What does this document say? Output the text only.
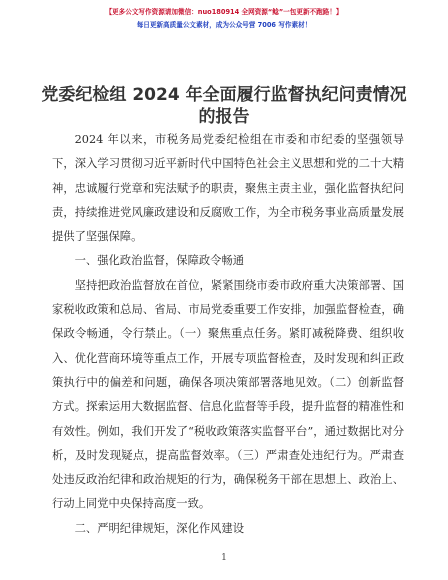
【更多公文写作资源请加微信：nuo180914 全网资源“鲶”一包更新不跑路！】
每日更新高质量公文素材，成为公众号营 7006 写作素材！
党委纪检组 2024 年全面履行监督执纪问责情况的报告

2024 年以来，市税务局党委纪检组在市委和市纪委的坚强领导下，深入学习贯彻习近平新时代中国特色社会主义思想和党的二十大精神，忠诚履行党章和宪法赋予的职责，聚焦主责主业，强化监督执纪问责，持续推进党风廉政建设和反腐败工作，为全市税务事业高质量发展提供了坚强保障。

一、强化政治监督，保障政令畅通

坚持把政治监督放在首位，紧紧围绕市委市政府重大决策部署、国家税收政策和总局、省局、市局党委重要工作安排，加强监督检查，确保政令畅通，令行禁止。（一）聚焦重点任务。紧盯减税降费、组织收入、优化营商环境等重点工作，开展专项监督检查，及时发现和纠正政策执行中的偏差和问题，确保各项决策部署落地见效。（二）创新监督方式。探索运用大数据监督、信息化监督等手段，提升监督的精准性和有效性。例如，我们开发了“税收政策落实监督平台”，通过数据比对分析，及时发现疑点，提高监督效率。（三）严肃查处违纪行为。严肃查处违反政治纪律和政治规矩的行为，确保税务干部在思想上、政治上、行动上同党中央保持高度一致。

二、严明纪律规矩，深化作风建设

1
